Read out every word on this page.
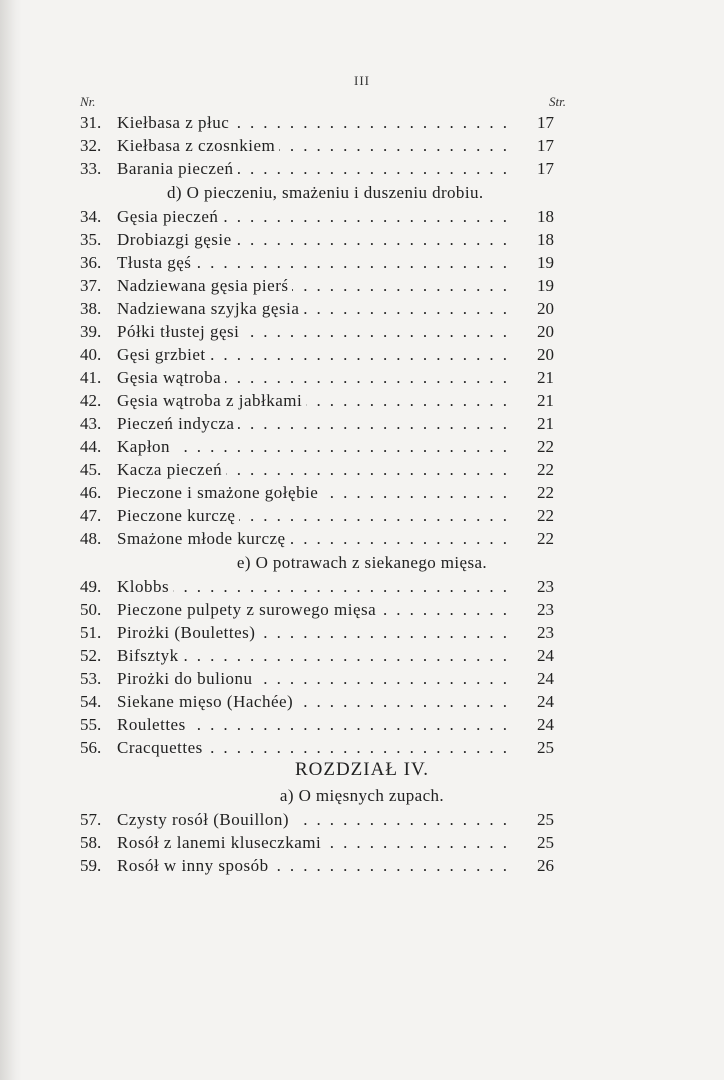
III
Nr.	Str.
31. Kiełbasa z płuc . . .	17
32. Kiełbasa z czosnkiem . . .	17
33. Barania pieczeń . . .	17
d) O pieczeniu, smażeniu i duszeniu drobiu.
34. Gęsia pieczeń . . .	18
35. Drobiazgi gęsie . . .	18
36. Tłusta gęś . . .	19
37. Nadziewana gęsia pierś . . .	19
38. Nadziewana szyjka gęsia . . .	20
39. Półki tłustej gęsi . . .	20
40. Gęsi grzbiet . . .	20
41. Gęsia wątroba . . .	21
42. Gęsia wątroba z jabłkami . . .	21
43. Pieczeń indycza . . .	21
44. Kapłon . . .	22
45. Kacza pieczeń . . .	22
46. Pieczone i smażone gołębie . . .	22
47. Pieczone kurczę . . .	22
48. Smażone młode kurczę . . .	22
e) O potrawach z siekanego mięsa.
49. Klobbs . . .	23
50. Pieczone pulpety z surowego mięsa . . .	23
51. Pirożki (Boulettes) . . .	23
52. Bifsztyk . . .	24
53. Pirożki do bulionu . . .	24
54. Siekane mięso (Hachée) . . .	24
55. Roulettes . . .	24
56. Cracquettes . . .	25
ROZDZIAŁ IV.
a) O mięsnych zupach.
57. Czysty rosół (Bouillon) . . .	25
58. Rosół z lanemi kluseczkami . . .	25
59. Rosół w inny sposób . . .	26
